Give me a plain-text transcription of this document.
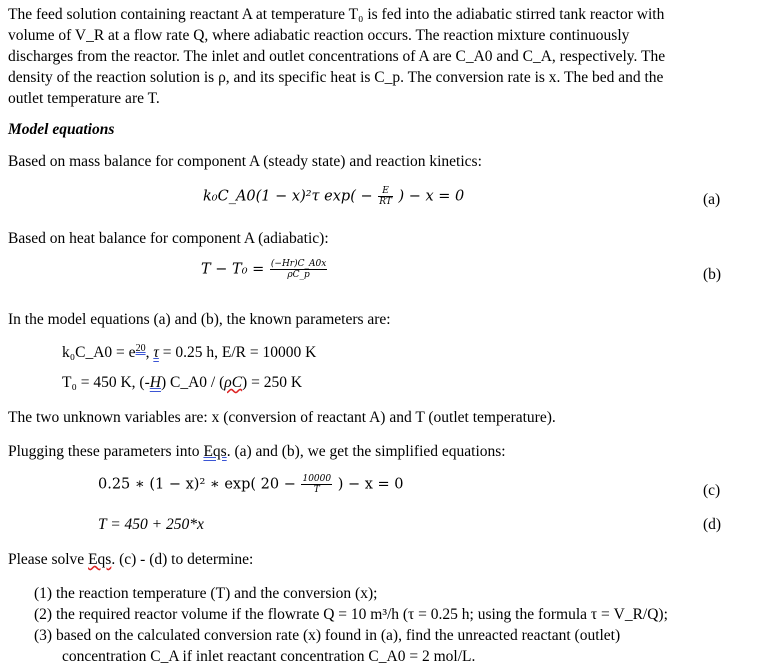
The feed solution containing reactant A at temperature T₀ is fed into the adiabatic stirred tank reactor with
volume of V_R at a flow rate Q, where adiabatic reaction occurs. The reaction mixture continuously
discharges from the reactor. The inlet and outlet concentrations of A are C_A0 and C_A, respectively. The
density of the reaction solution is ρ, and its specific heat is C_p. The conversion rate is x. The bed and the
outlet temperature are T.
Model equations
Based on mass balance for component A (steady state) and reaction kinetics:
k₀C_A0(1 − x)²τ $\exp( - \frac{E}{RT}$ ) − x = 0	(a)
Based on heat balance for component A (adiabatic):
$T - T_0 = \frac{(-Hr)C\_A0x}{\rho C\_p}$	(b)
In the model equations (a) and (b), the known parameters are:
k₀C_A0 = $e^{20}$, τ = 0.25 h, E/R = 10000 K
T₀ = 450 K, (-H) C_A0 / (ρC) = 250 K
The two unknown variables are: x (conversion of reactant A) and T (outlet temperature).
Plugging these parameters into Eqs. (a) and (b), we get the simplified equations:
0.25 ∗ (1 − x)² ∗ exp( $20 - \frac{10000}{T}$ ) − x = 0	(c)
T = 450 + 250*x	(d)
Please solve Eqs. (c) - (d) to determine:
(1) the reaction temperature (T) and the conversion (x);
(2) the required reactor volume if the flowrate Q = 10 m³/h (τ = 0.25 h; using the formula τ = V_R/Q);
(3) based on the calculated conversion rate (x) found in (a), find the unreacted reactant (outlet)
concentration C_A if inlet reactant concentration C_A0 = 2 mol/L.
